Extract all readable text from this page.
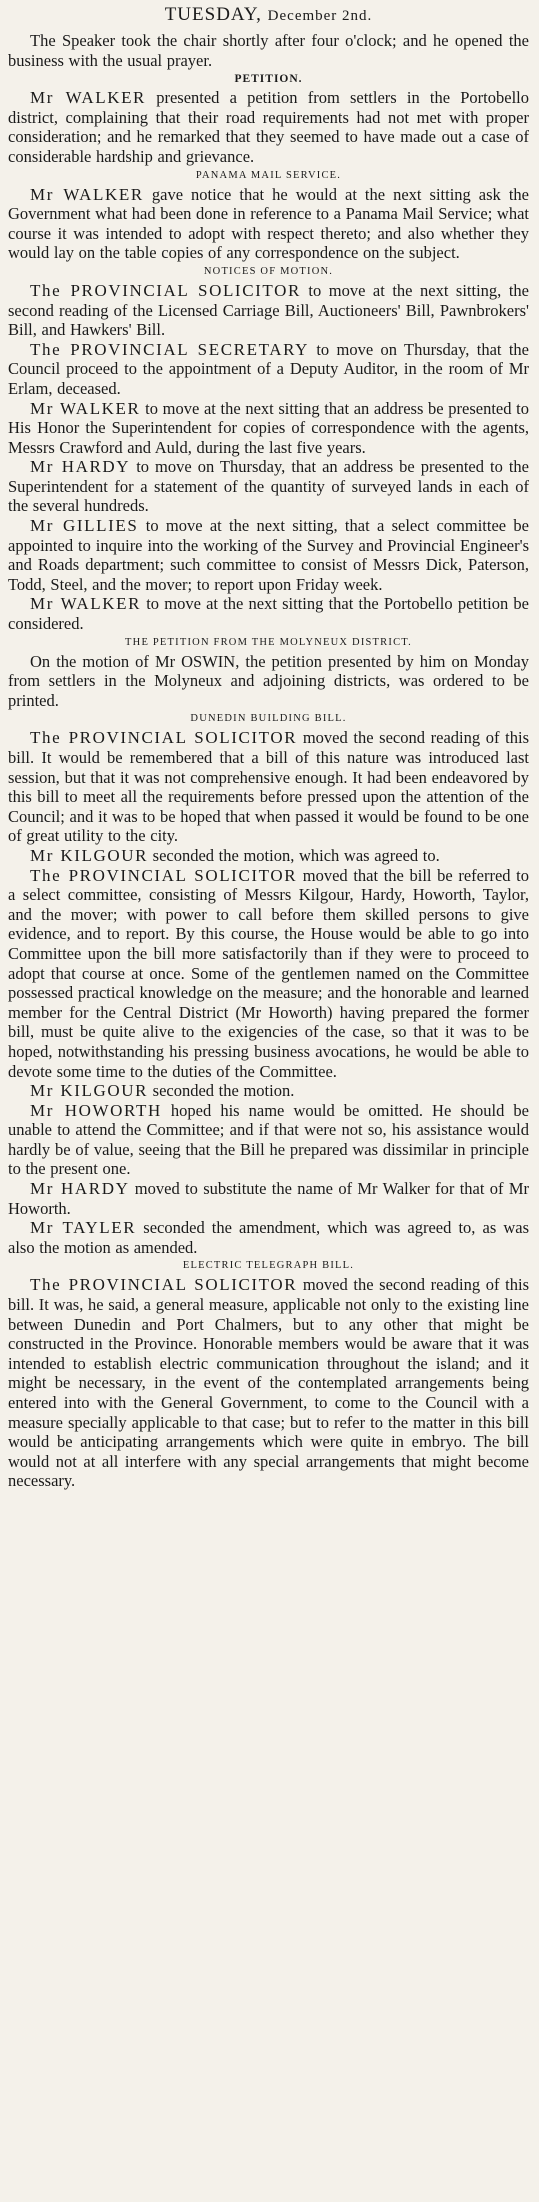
TUESDAY, December 2nd.

The Speaker took the chair shortly after four o'clock; and he opened the business with the usual prayer.

PETITION.

Mr WALKER presented a petition from settlers in the Portobello district, complaining that their road requirements had not met with proper consideration; and he remarked that they seemed to have made out a case of considerable hardship and grievance.

PANAMA MAIL SERVICE.

Mr WALKER gave notice that he would at the next sitting ask the Government what had been done in reference to a Panama Mail Service; what course it was intended to adopt with respect thereto; and also whether they would lay on the table copies of any correspondence on the subject.

NOTICES OF MOTION.

The PROVINCIAL SOLICITOR to move at the next sitting, the second reading of the Licensed Carriage Bill, Auctioneers' Bill, Pawnbrokers' Bill, and Hawkers' Bill.

The PROVINCIAL SECRETARY to move on Thursday, that the Council proceed to the appointment of a Deputy Auditor, in the room of Mr Erlam, deceased.

Mr WALKER to move at the next sitting that an address be presented to His Honor the Superintendent for copies of correspondence with the agents, Messrs Crawford and Auld, during the last five years.

Mr HARDY to move on Thursday, that an address be presented to the Superintendent for a statement of the quantity of surveyed lands in each of the several hundreds.

Mr GILLIES to move at the next sitting, that a select committee be appointed to inquire into the working of the Survey and Provincial Engineer's and Roads department; such committee to consist of Messrs Dick, Paterson, Todd, Steel, and the mover; to report upon Friday week.

Mr WALKER to move at the next sitting that the Portobello petition be considered.

THE PETITION FROM THE MOLYNEUX DISTRICT.

On the motion of Mr OSWIN, the petition presented by him on Monday from settlers in the Molyneux and adjoining districts, was ordered to be printed.

DUNEDIN BUILDING BILL.

The PROVINCIAL SOLICITOR moved the second reading of this bill. It would be remembered that a bill of this nature was introduced last session, but that it was not comprehensive enough. It had been endeavored by this bill to meet all the requirements before pressed upon the attention of the Council; and it was to be hoped that when passed it would be found to be one of great utility to the city.

Mr KILGOUR seconded the motion, which was agreed to.

The PROVINCIAL SOLICITOR moved that the bill be referred to a select committee, consisting of Messrs Kilgour, Hardy, Howorth, Taylor, and the mover; with power to call before them skilled persons to give evidence, and to report. By this course, the House would be able to go into Committee upon the bill more satisfactorily than if they were to proceed to adopt that course at once. Some of the gentlemen named on the Committee possessed practical knowledge on the measure; and the honorable and learned member for the Central District (Mr Howorth) having prepared the former bill, must be quite alive to the exigencies of the case, so that it was to be hoped, notwithstanding his pressing business avocations, he would be able to devote some time to the duties of the Committee.

Mr KILGOUR seconded the motion.

Mr HOWORTH hoped his name would be omitted. He should be unable to attend the Committee; and if that were not so, his assistance would hardly be of value, seeing that the Bill he prepared was dissimilar in principle to the present one.

Mr HARDY moved to substitute the name of Mr Walker for that of Mr Howorth.

Mr TAYLER seconded the amendment, which was agreed to, as was also the motion as amended.

ELECTRIC TELEGRAPH BILL.

The PROVINCIAL SOLICITOR moved the second reading of this bill. It was, he said, a general measure, applicable not only to the existing line between Dunedin and Port Chalmers, but to any other that might be constructed in the Province. Honorable members would be aware that it was intended to establish electric communication throughout the island; and it might be necessary, in the event of the contemplated arrangements being entered into with the General Government, to come to the Council with a measure specially applicable to that case; but to refer to the matter in this bill would be anticipating arrangements which were quite in embryo. The bill would not at all interfere with any special arrangements that might become necessary.
